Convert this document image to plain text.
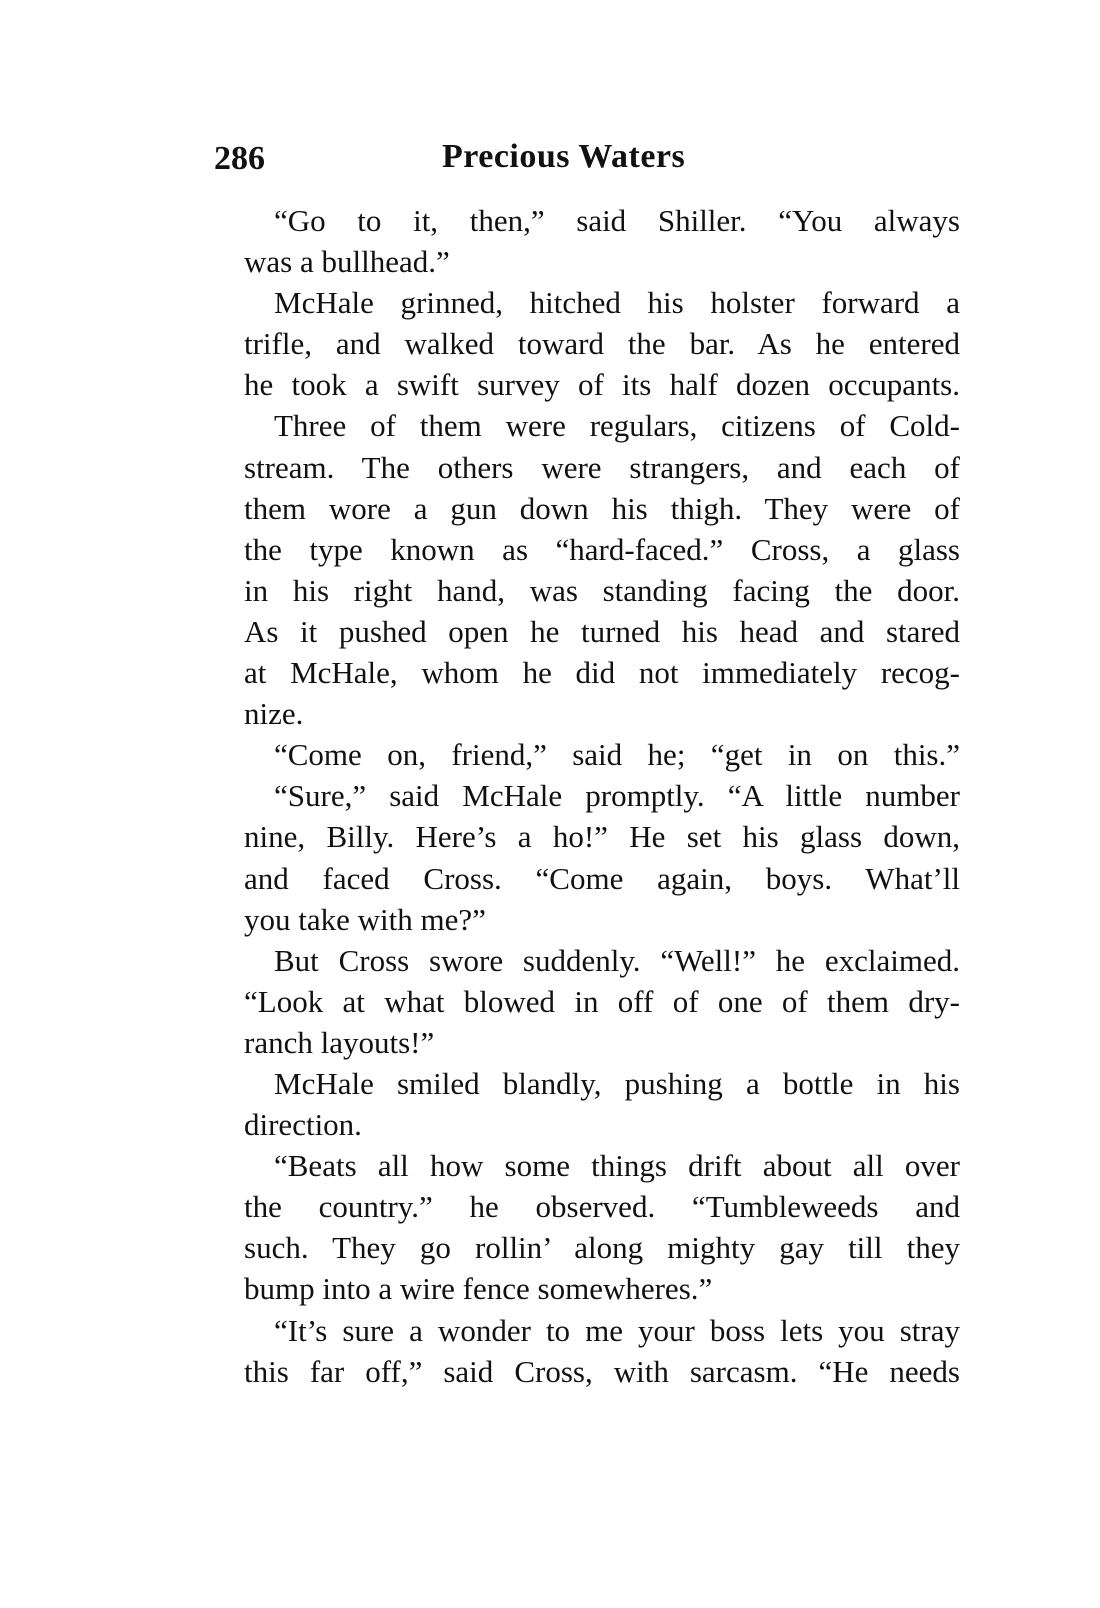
286	Precious Waters
“Go to it, then,” said Shiller. “You always
was a bullhead.”
McHale grinned, hitched his holster forward a
trifle, and walked toward the bar. As he entered
he took a swift survey of its half dozen occupants.
Three of them were regulars, citizens of Cold-
stream. The others were strangers, and each of
them wore a gun down his thigh. They were of
the type known as “hard-faced.” Cross, a glass
in his right hand, was standing facing the door.
As it pushed open he turned his head and stared
at McHale, whom he did not immediately recog-
nize.
“Come on, friend,” said he; “get in on this.”
“Sure,” said McHale promptly. “A little number
nine, Billy. Here’s a ho!” He set his glass down,
and faced Cross. “Come again, boys. What’ll
you take with me?”
But Cross swore suddenly. “Well!” he exclaimed.
“Look at what blowed in off of one of them dry-
ranch layouts!”
McHale smiled blandly, pushing a bottle in his
direction.
“Beats all how some things drift about all over
the country.” he observed. “Tumbleweeds and
such. They go rollin’ along mighty gay till they
bump into a wire fence somewheres.”
“It’s sure a wonder to me your boss lets you stray
this far off,” said Cross, with sarcasm. “He needs
